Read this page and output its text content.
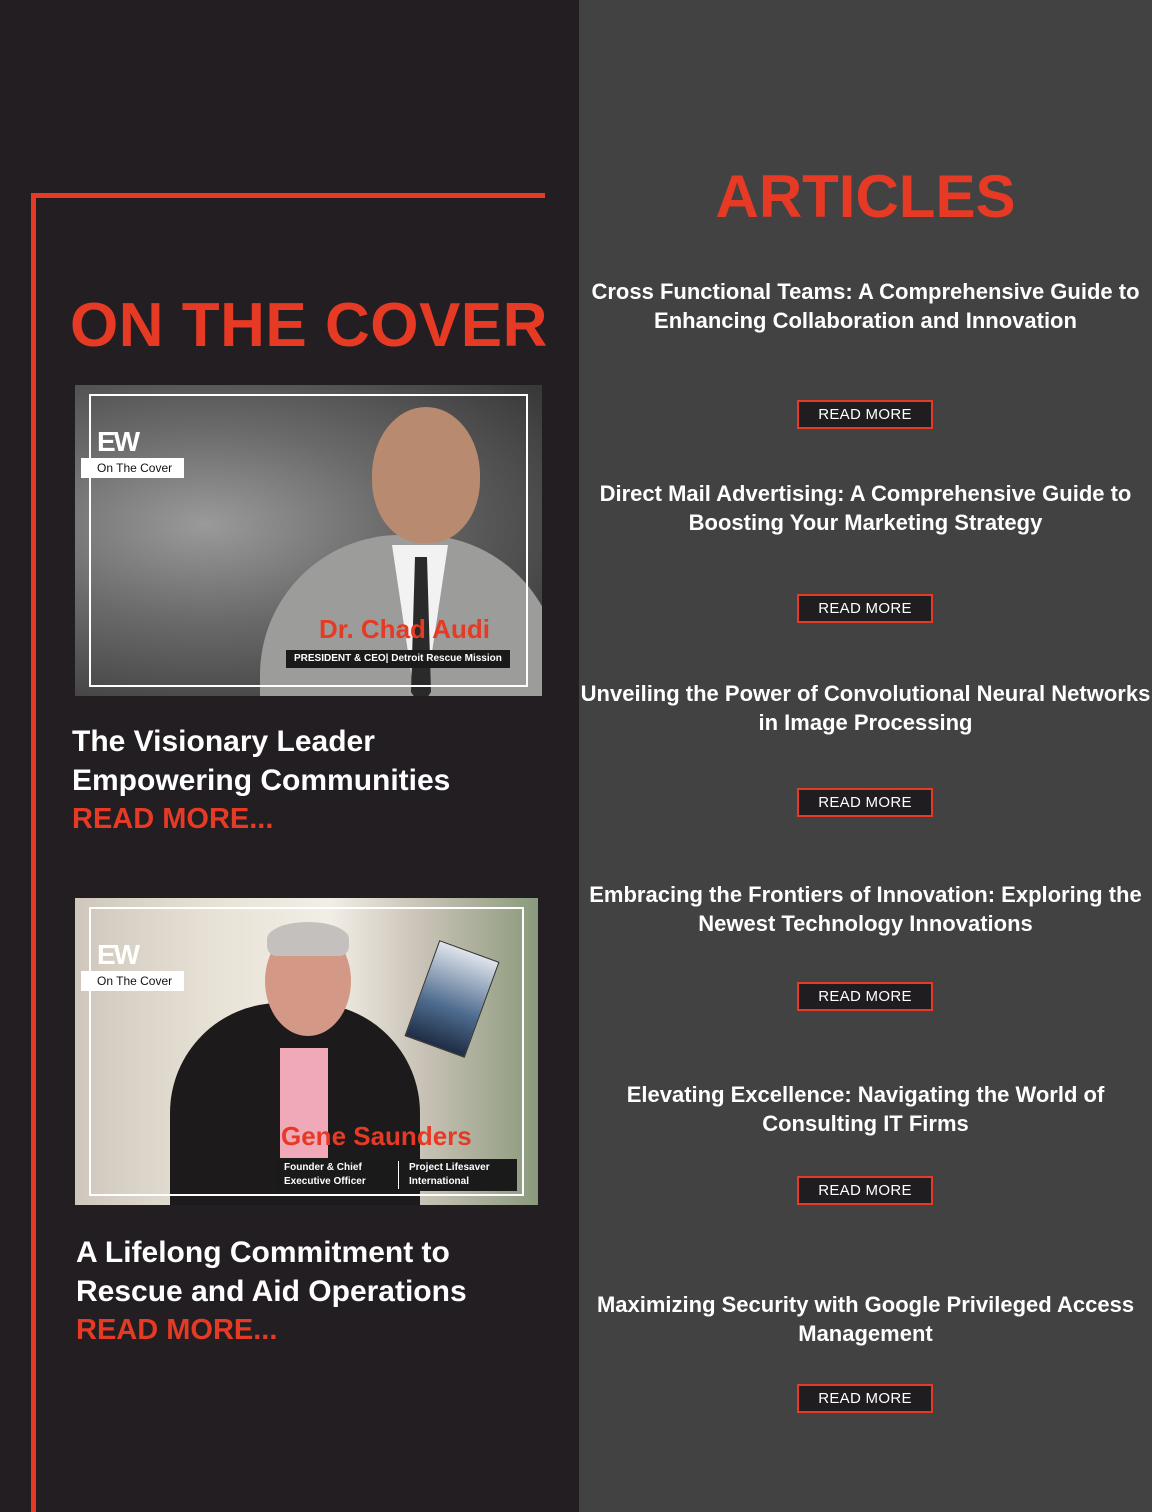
ON THE COVER
EW
On The Cover
Dr. Chad Audi
PRESIDENT & CEO| Detroit Rescue Mission
The Visionary Leader Empowering Communities
READ MORE...
EW
On The Cover
Gene Saunders
Founder & Chief Executive Officer
Project Lifesaver International
A Lifelong Commitment to Rescue and Aid Operations
READ MORE...
ARTICLES
Cross Functional Teams: A Comprehensive Guide to Enhancing Collaboration and Innovation
READ MORE
Direct Mail Advertising: A Comprehensive Guide to Boosting Your Marketing Strategy
READ MORE
Unveiling the Power of Convolutional Neural Networks in Image Processing
READ MORE
Embracing the Frontiers of Innovation: Exploring the Newest Technology Innovations
READ MORE
Elevating Excellence: Navigating the World of Consulting IT Firms
READ MORE
Maximizing Security with Google Privileged Access Management
READ MORE
